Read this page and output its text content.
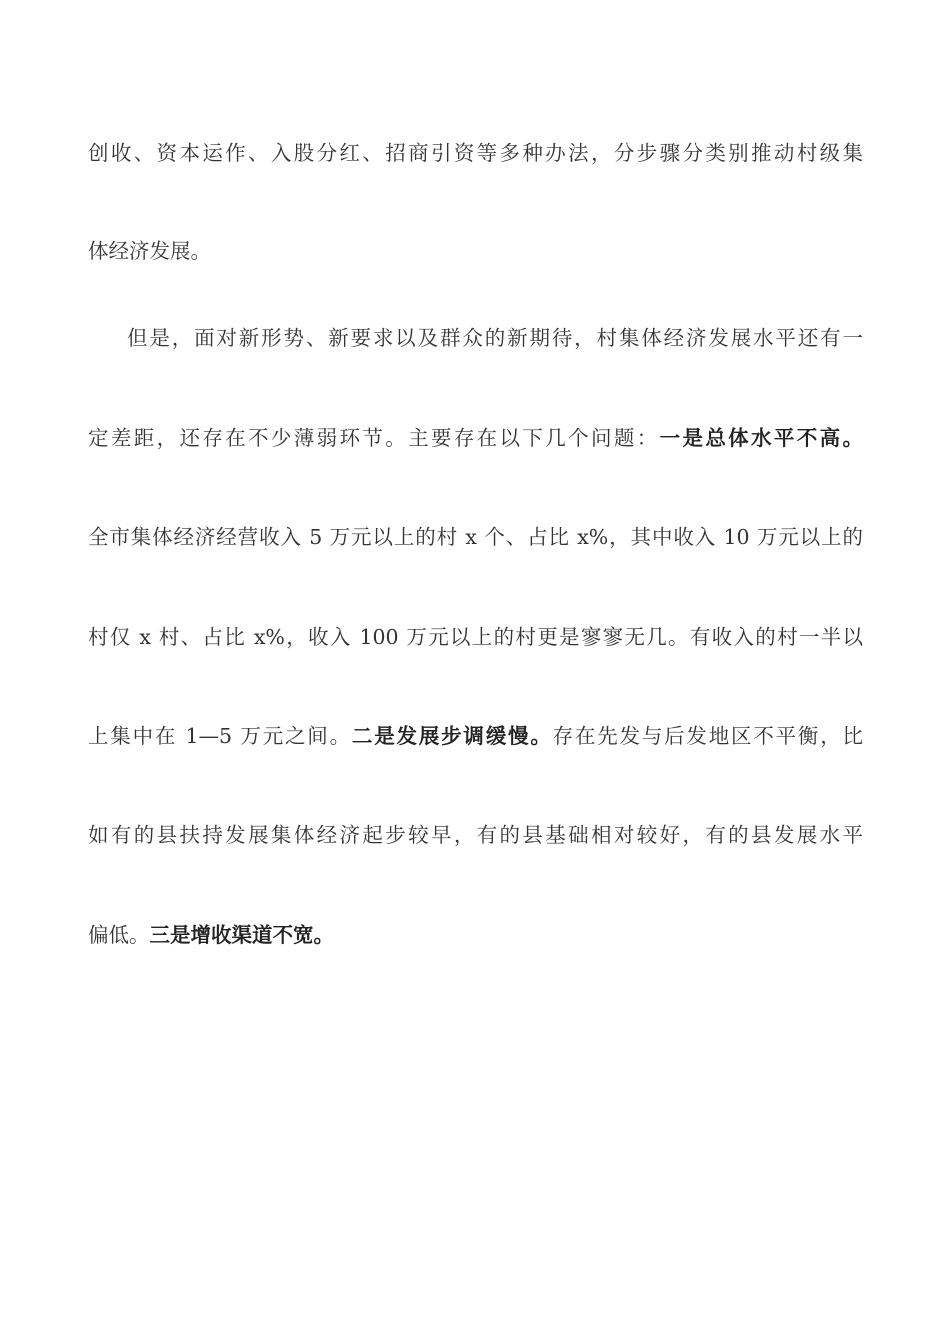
创收、资本运作、入股分红、招商引资等多种办法，分步骤分类别推动村级集
体经济发展。
但是，面对新形势、新要求以及群众的新期待，村集体经济发展水平还有一
定差距，还存在不少薄弱环节。主要存在以下几个问题：一是总体水平不高。
全市集体经济经营收入 5 万元以上的村 x 个、占比 x%，其中收入 10 万元以上的
村仅 x 村、占比 x%，收入 100 万元以上的村更是寥寥无几。有收入的村一半以
上集中在 1—5 万元之间。二是发展步调缓慢。存在先发与后发地区不平衡，比
如有的县扶持发展集体经济起步较早，有的县基础相对较好，有的县发展水平
偏低。三是增收渠道不宽。
